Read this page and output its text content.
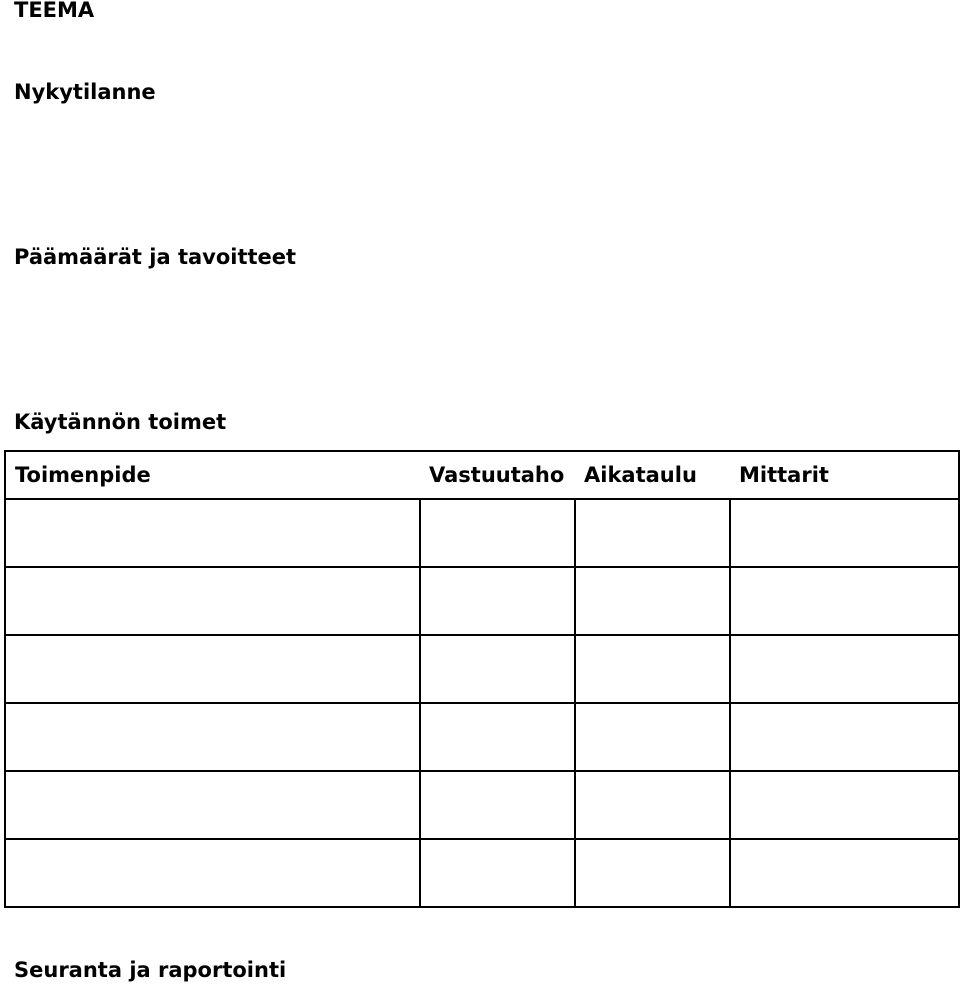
TEEMA
Nykytilanne
Päämäärät ja tavoitteet
Käytännön toimet
Toimenpide	Vastuutaho	Aikataulu	Mittarit

Seuranta ja raportointi
